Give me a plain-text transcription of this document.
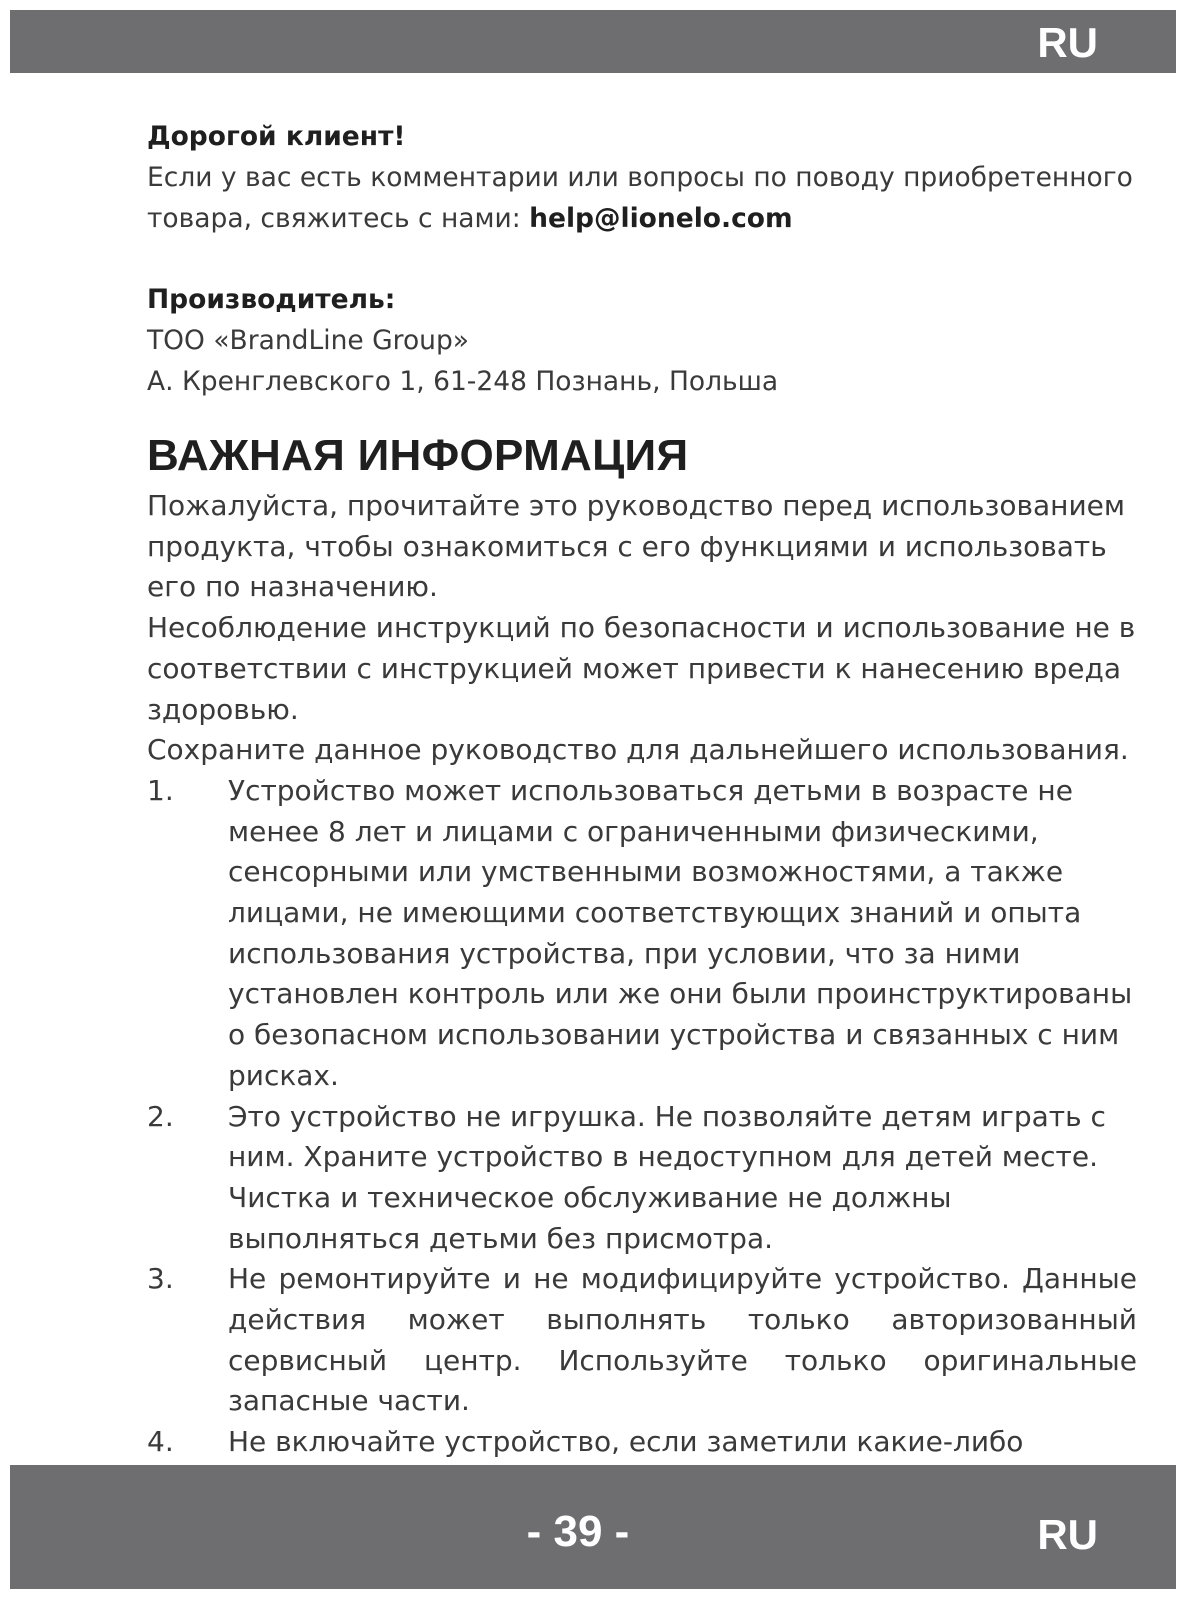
RU

Дорогой клиент!

Если у вас есть комментарии или вопросы по поводу приобретенного

товара, свяжитесь с нами: help@lionelo.com

Производитель:

ТОО «BrandLine Group»

А. Кренглевского 1, 61-248 Познань, Польша

ВАЖНАЯ ИНФОРМАЦИЯ

Пожалуйста, прочитайте это руководство перед использованием продукта, чтобы ознакомиться с его функциями и использовать его по назначению.

Несоблюдение инструкций по безопасности и использование не в соответствии с инструкцией может привести к нанесению вреда здоровью.

Сохраните данное руководство для дальнейшего использования.

1. Устройство может использоваться детьми в возрасте не менее 8 лет и лицами с ограниченными физическими, сенсорными или умственными возможностями, а также лицами, не имеющими соответствующих знаний и опыта использования устройства, при условии, что за ними установлен контроль или же они были проинструктированы о безопасном использовании устройства и связанных с ним рисках.
2. Это устройство не игрушка. Не позволяйте детям играть с ним. Храните устройство в недоступном для детей месте. Чистка и техническое обслуживание не должны выполняться детьми без присмотра.
3. Не ремонтируйте и не модифицируйте устройство. Данные действия может выполнять только авторизованный сервисный центр. Используйте только оригинальные запасные части.
4. Не включайте устройство, если заметили какие-либо
- 39 -	RU
